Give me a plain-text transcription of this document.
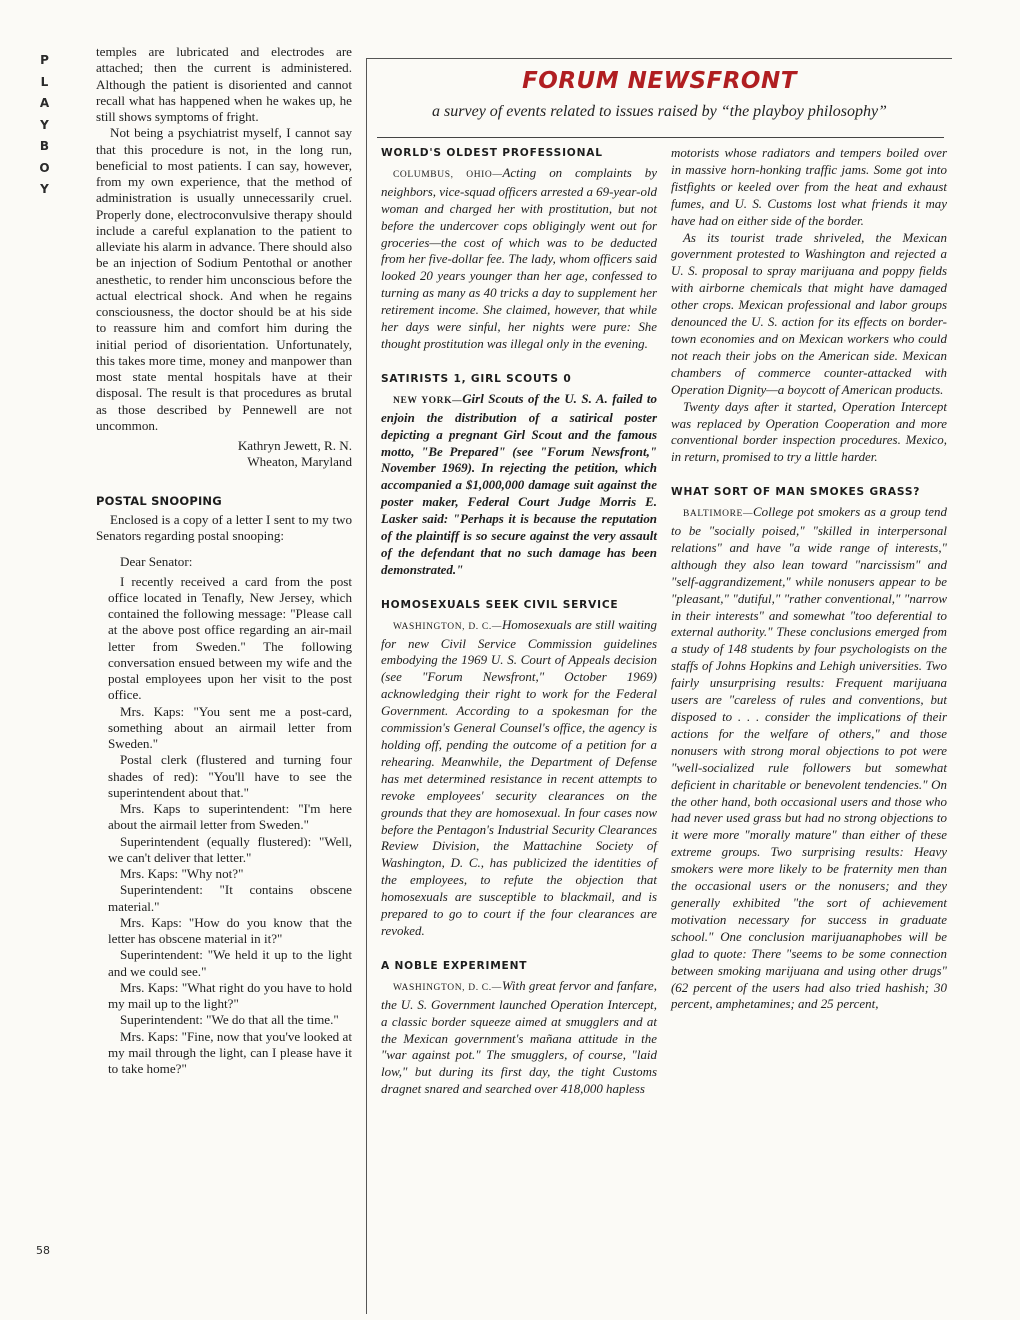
P
L
A
Y
B
O
Y
58

temples are lubricated and electrodes are attached; then the current is administered. Although the patient is disoriented and cannot recall what has happened when he wakes up, he still shows symptoms of fright.

Not being a psychiatrist myself, I cannot say that this procedure is not, in the long run, beneficial to most patients. I can say, however, from my own experience, that the method of administration is usually unnecessarily cruel. Properly done, electroconvulsive therapy should include a careful explanation to the patient to alleviate his alarm in advance. There should also be an injection of Sodium Pentothal or another anesthetic, to render him unconscious before the actual electrical shock. And when he regains consciousness, the doctor should be at his side to reassure him and comfort him during the initial period of disorientation. Unfortunately, this takes more time, money and manpower than most state mental hospitals have at their disposal. The result is that procedures as brutal as those described by Pennewell are not uncommon.

Kathryn Jewett, R. N.

Wheaton, Maryland

POSTAL SNOOPING

Enclosed is a copy of a letter I sent to my two Senators regarding postal snooping:

Dear Senator:

I recently received a card from the post office located in Tenafly, New Jersey, which contained the following message: "Please call at the above post office regarding an air-mail letter from Sweden." The following conversation ensued between my wife and the postal employees upon her visit to the post office.

Mrs. Kaps: "You sent me a post-card, something about an airmail letter from Sweden."

Postal clerk (flustered and turning four shades of red): "You'll have to see the superintendent about that."

Mrs. Kaps to superintendent: "I'm here about the airmail letter from Sweden."

Superintendent (equally flustered): "Well, we can't deliver that letter."

Mrs. Kaps: "Why not?"

Superintendent: "It contains obscene material."

Mrs. Kaps: "How do you know that the letter has obscene material in it?"

Superintendent: "We held it up to the light and we could see."

Mrs. Kaps: "What right do you have to hold my mail up to the light?"

Superintendent: "We do that all the time."

Mrs. Kaps: "Fine, now that you've looked at my mail through the light, can I please have it to take home?"

FORUM NEWSFRONT
a survey of events related to issues raised by “the playboy philosophy”
WORLD'S OLDEST PROFESSIONAL

COLUMBUS, OHIO—Acting on complaints by neighbors, vice-squad officers arrested a 69-year-old woman and charged her with prostitution, but not before the undercover cops obligingly went out for groceries—the cost of which was to be deducted from her five-dollar fee. The lady, whom officers said looked 20 years younger than her age, confessed to turning as many as 40 tricks a day to supplement her retirement income. She claimed, however, that while her days were sinful, her nights were pure: She thought prostitution was illegal only in the evening.

SATIRISTS 1, GIRL SCOUTS 0

NEW YORK—Girl Scouts of the U. S. A. failed to enjoin the distribution of a satirical poster depicting a pregnant Girl Scout and the famous motto, "Be Prepared" (see "Forum Newsfront," November 1969). In rejecting the petition, which accompanied a $1,000,000 damage suit against the poster maker, Federal Court Judge Morris E. Lasker said: "Perhaps it is because the reputation of the plaintiff is so secure against the very assault of the defendant that no such damage has been demonstrated."

HOMOSEXUALS SEEK CIVIL SERVICE

WASHINGTON, D. C.—Homosexuals are still waiting for new Civil Service Commission guidelines embodying the 1969 U. S. Court of Appeals decision (see "Forum Newsfront," October 1969) acknowledging their right to work for the Federal Government. According to a spokesman for the commission's General Counsel's office, the agency is holding off, pending the outcome of a petition for a rehearing. Meanwhile, the Department of Defense has met determined resistance in recent attempts to revoke employees' security clearances on the grounds that they are homosexual. In four cases now before the Pentagon's Industrial Security Clearances Review Division, the Mattachine Society of Washington, D. C., has publicized the identities of the employees, to refute the objection that homosexuals are susceptible to blackmail, and is prepared to go to court if the four clearances are revoked.

A NOBLE EXPERIMENT

WASHINGTON, D. C.—With great fervor and fanfare, the U. S. Government launched Operation Intercept, a classic border squeeze aimed at smugglers and at the Mexican government's mañana attitude in the "war against pot." The smugglers, of course, "laid low," but during its first day, the tight Customs dragnet snared and searched over 418,000 hapless

motorists whose radiators and tempers boiled over in massive horn-honking traffic jams. Some got into fistfights or keeled over from the heat and exhaust fumes, and U. S. Customs lost what friends it may have had on either side of the border.

As its tourist trade shriveled, the Mexican government protested to Washington and rejected a U. S. proposal to spray marijuana and poppy fields with airborne chemicals that might have damaged other crops. Mexican professional and labor groups denounced the U. S. action for its effects on border-town economies and on Mexican workers who could not reach their jobs on the American side. Mexican chambers of commerce counter-attacked with Operation Dignity—a boycott of American products.

Twenty days after it started, Operation Intercept was replaced by Operation Cooperation and more conventional border inspection procedures. Mexico, in return, promised to try a little harder.

WHAT SORT OF MAN SMOKES GRASS?

BALTIMORE—College pot smokers as a group tend to be "socially poised," "skilled in interpersonal relations" and have "a wide range of interests," although they also lean toward "narcissism" and "self-aggrandizement," while nonusers appear to be "pleasant," "dutiful," "rather conventional," "narrow in their interests" and somewhat "too deferential to external authority." These conclusions emerged from a study of 148 students by four psychologists on the staffs of Johns Hopkins and Lehigh universities. Two fairly unsurprising results: Frequent marijuana users are "careless of rules and conventions, but disposed to . . . consider the implications of their actions for the welfare of others," and those nonusers with strong moral objections to pot were "well-socialized rule followers but somewhat deficient in charitable or benevolent tendencies." On the other hand, both occasional users and those who had never used grass but had no strong objections to it were more "morally mature" than either of these extreme groups. Two surprising results: Heavy smokers were more likely to be fraternity men than the occasional users or the nonusers; and they generally exhibited "the sort of achievement motivation necessary for success in graduate school." One conclusion marijuanaphobes will be glad to quote: There "seems to be some connection between smoking marijuana and using other drugs" (62 percent of the users had also tried hashish; 30 percent, amphetamines; and 25 percent,
